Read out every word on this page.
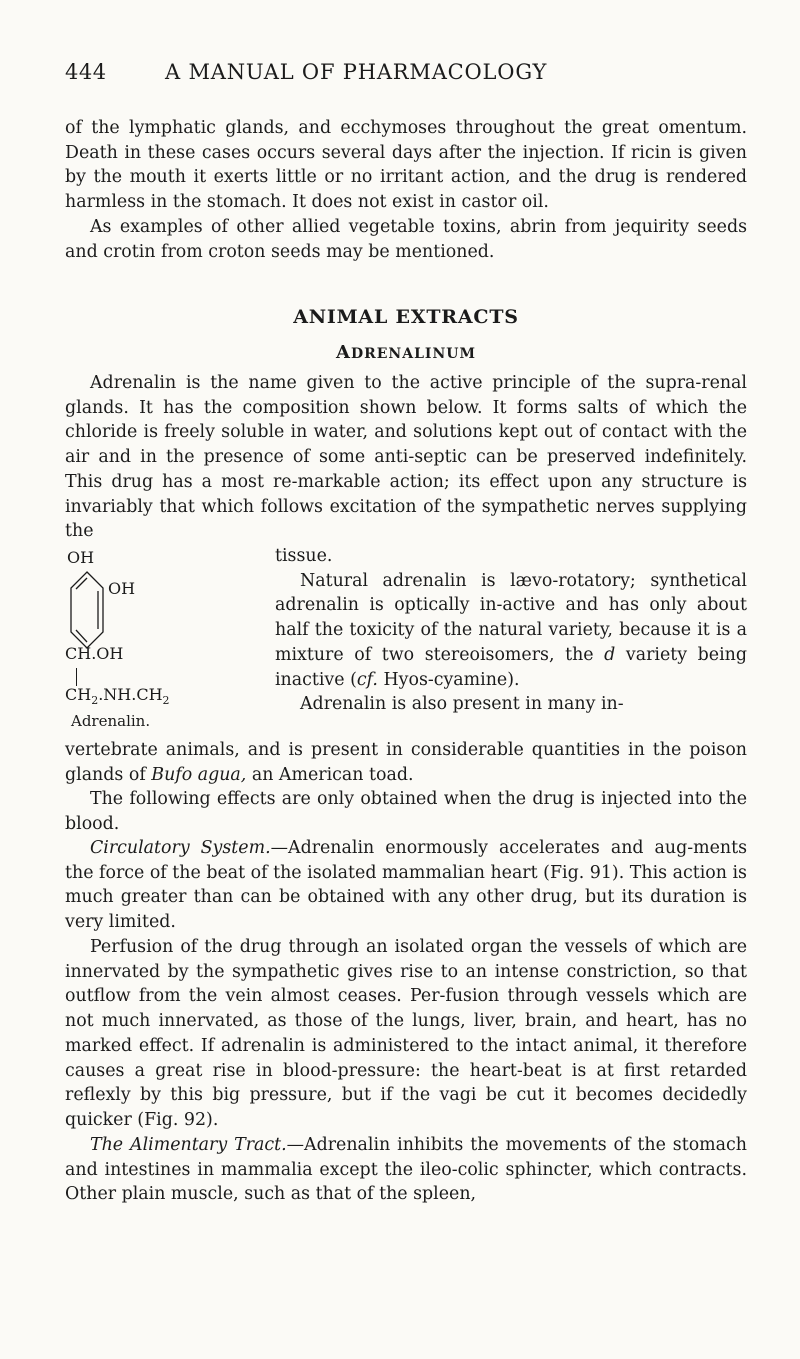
444	A MANUAL OF PHARMACOLOGY

of the lymphatic glands, and ecchymoses throughout the great omentum. Death in these cases occurs several days after the injection. If ricin is given by the mouth it exerts little or no irritant action, and the drug is rendered harmless in the stomach. It does not exist in castor oil.

As examples of other allied vegetable toxins, abrin from jequirity seeds and crotin from croton seeds may be mentioned.

ANIMAL EXTRACTS
ADRENALINUM

Adrenalin is the name given to the active principle of the supra-renal glands. It has the composition shown below. It forms salts of which the chloride is freely soluble in water, and solutions kept out of contact with the air and in the presence of some anti-septic can be preserved indefinitely. This drug has a most re-markable action; its effect upon any structure is invariably that which follows excitation of the sympathetic nerves supplying the

OH
OH
CH.OH
$CH_2.NH.CH_2$
Adrenalin.

tissue.

Natural adrenalin is lævo-rotatory; synthetical adrenalin is optically in-active and has only about half the toxicity of the natural variety, because it is a mixture of two stereoisomers, the d variety being inactive (cf. Hyos-cyamine).

Adrenalin is also present in many in-

vertebrate animals, and is present in considerable quantities in the poison glands of Bufo agua, an American toad.

The following effects are only obtained when the drug is injected into the blood.

Circulatory System.—Adrenalin enormously accelerates and aug-ments the force of the beat of the isolated mammalian heart (Fig. 91). This action is much greater than can be obtained with any other drug, but its duration is very limited.

Perfusion of the drug through an isolated organ the vessels of which are innervated by the sympathetic gives rise to an intense constriction, so that outflow from the vein almost ceases. Per-fusion through vessels which are not much innervated, as those of the lungs, liver, brain, and heart, has no marked effect. If adrenalin is administered to the intact animal, it therefore causes a great rise in blood-pressure: the heart-beat is at first retarded reflexly by this big pressure, but if the vagi be cut it becomes decidedly quicker (Fig. 92).

The Alimentary Tract.—Adrenalin inhibits the movements of the stomach and intestines in mammalia except the ileo-colic sphincter, which contracts. Other plain muscle, such as that of the spleen,
